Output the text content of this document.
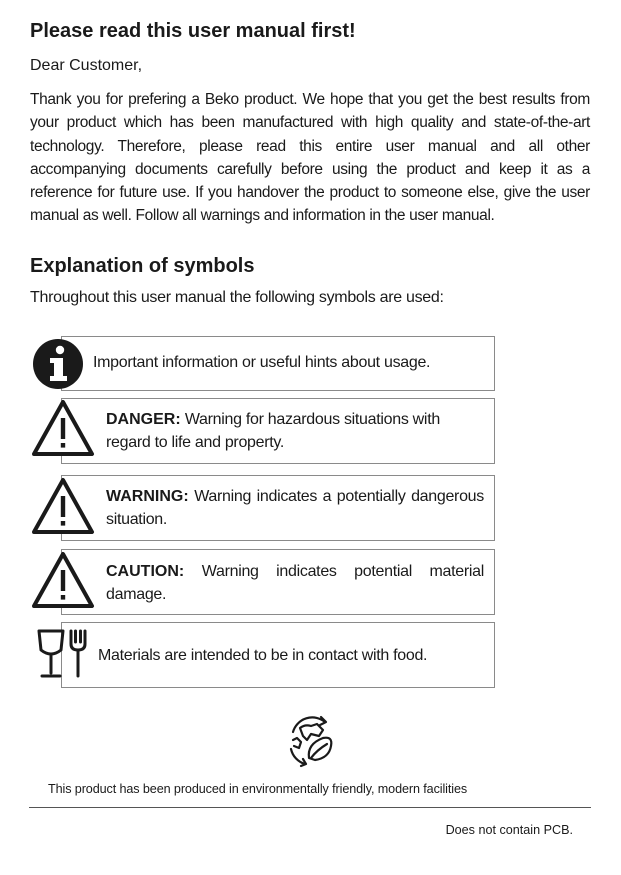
Please read this user manual first!
Dear Customer,

Thank you for prefering a Beko product. We hope that you get the best results from your product which has been manufactured with high quality and state-of-the-art technology. Therefore, please read this entire user manual and all other accompanying documents carefully before using the product and keep it as a reference for future use. If you handover the product to someone else, give the user manual as well. Follow all warnings and information in the user manual.

Explanation of symbols
Throughout this user manual the following symbols are used:
Important information or useful hints about usage.
DANGER: Warning for hazardous situations with regard to life and property.
WARNING: Warning indicates a potentially dangerous situation.
CAUTION: Warning indicates potential material damage.
Materials are intended to be in contact with food.
This product has been produced in environmentally friendly, modern facilities
Does not contain PCB.
